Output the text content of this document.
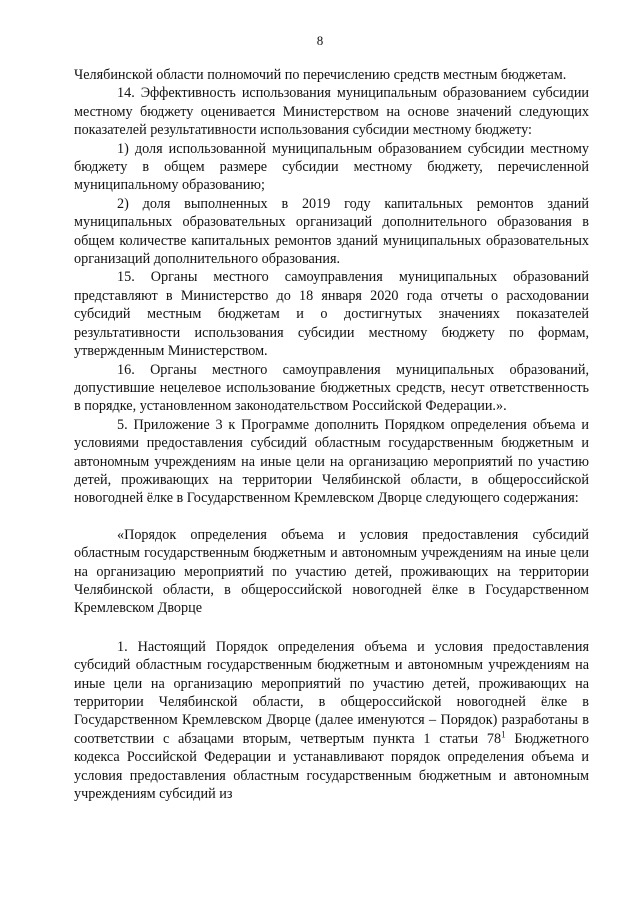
8

Челябинской области полномочий по перечислению средств местным бюджетам.

14. Эффективность использования муниципальным образованием субсидии местному бюджету оценивается Министерством на основе значений следующих показателей результативности использования субсидии местному бюджету:

1) доля использованной муниципальным образованием субсидии местному бюджету в общем размере субсидии местному бюджету, перечисленной муниципальному образованию;

2) доля выполненных в 2019 году капитальных ремонтов зданий муниципальных образовательных организаций дополнительного образования в общем количестве капитальных ремонтов зданий муниципальных образовательных организаций дополнительного образования.

15. Органы местного самоуправления муниципальных образований представляют в Министерство до 18 января 2020 года отчеты о расходовании субсидий местным бюджетам и о достигнутых значениях показателей результативности использования субсидии местному бюджету по формам, утвержденным Министерством.

16. Органы местного самоуправления муниципальных образований, допустившие нецелевое использование бюджетных средств, несут ответственность в порядке, установленном законодательством Российской Федерации.».

5. Приложение 3 к Программе дополнить Порядком определения объема и условиями предоставления субсидий областным государственным бюджетным и автономным учреждениям на иные цели на организацию мероприятий по участию детей, проживающих на территории Челябинской области, в общероссийской новогодней ёлке в Государственном Кремлевском Дворце следующего содержания:

«Порядок определения объема и условия предоставления субсидий областным государственным бюджетным и автономным учреждениям на иные цели на организацию мероприятий по участию детей, проживающих на территории Челябинской области, в общероссийской новогодней ёлке в Государственном Кремлевском Дворце

1. Настоящий Порядок определения объема и условия предоставления субсидий областным государственным бюджетным и автономным учреждениям на иные цели на организацию мероприятий по участию детей, проживающих на территории Челябинской области, в общероссийской новогодней ёлке в Государственном Кремлевском Дворце (далее именуются – Порядок) разработаны в соответствии с абзацами вторым, четвертым пункта 1 статьи $78^1$ Бюджетного кодекса Российской Федерации и устанавливают порядок определения объема и условия предоставления областным государственным бюджетным и автономным учреждениям субсидий из
